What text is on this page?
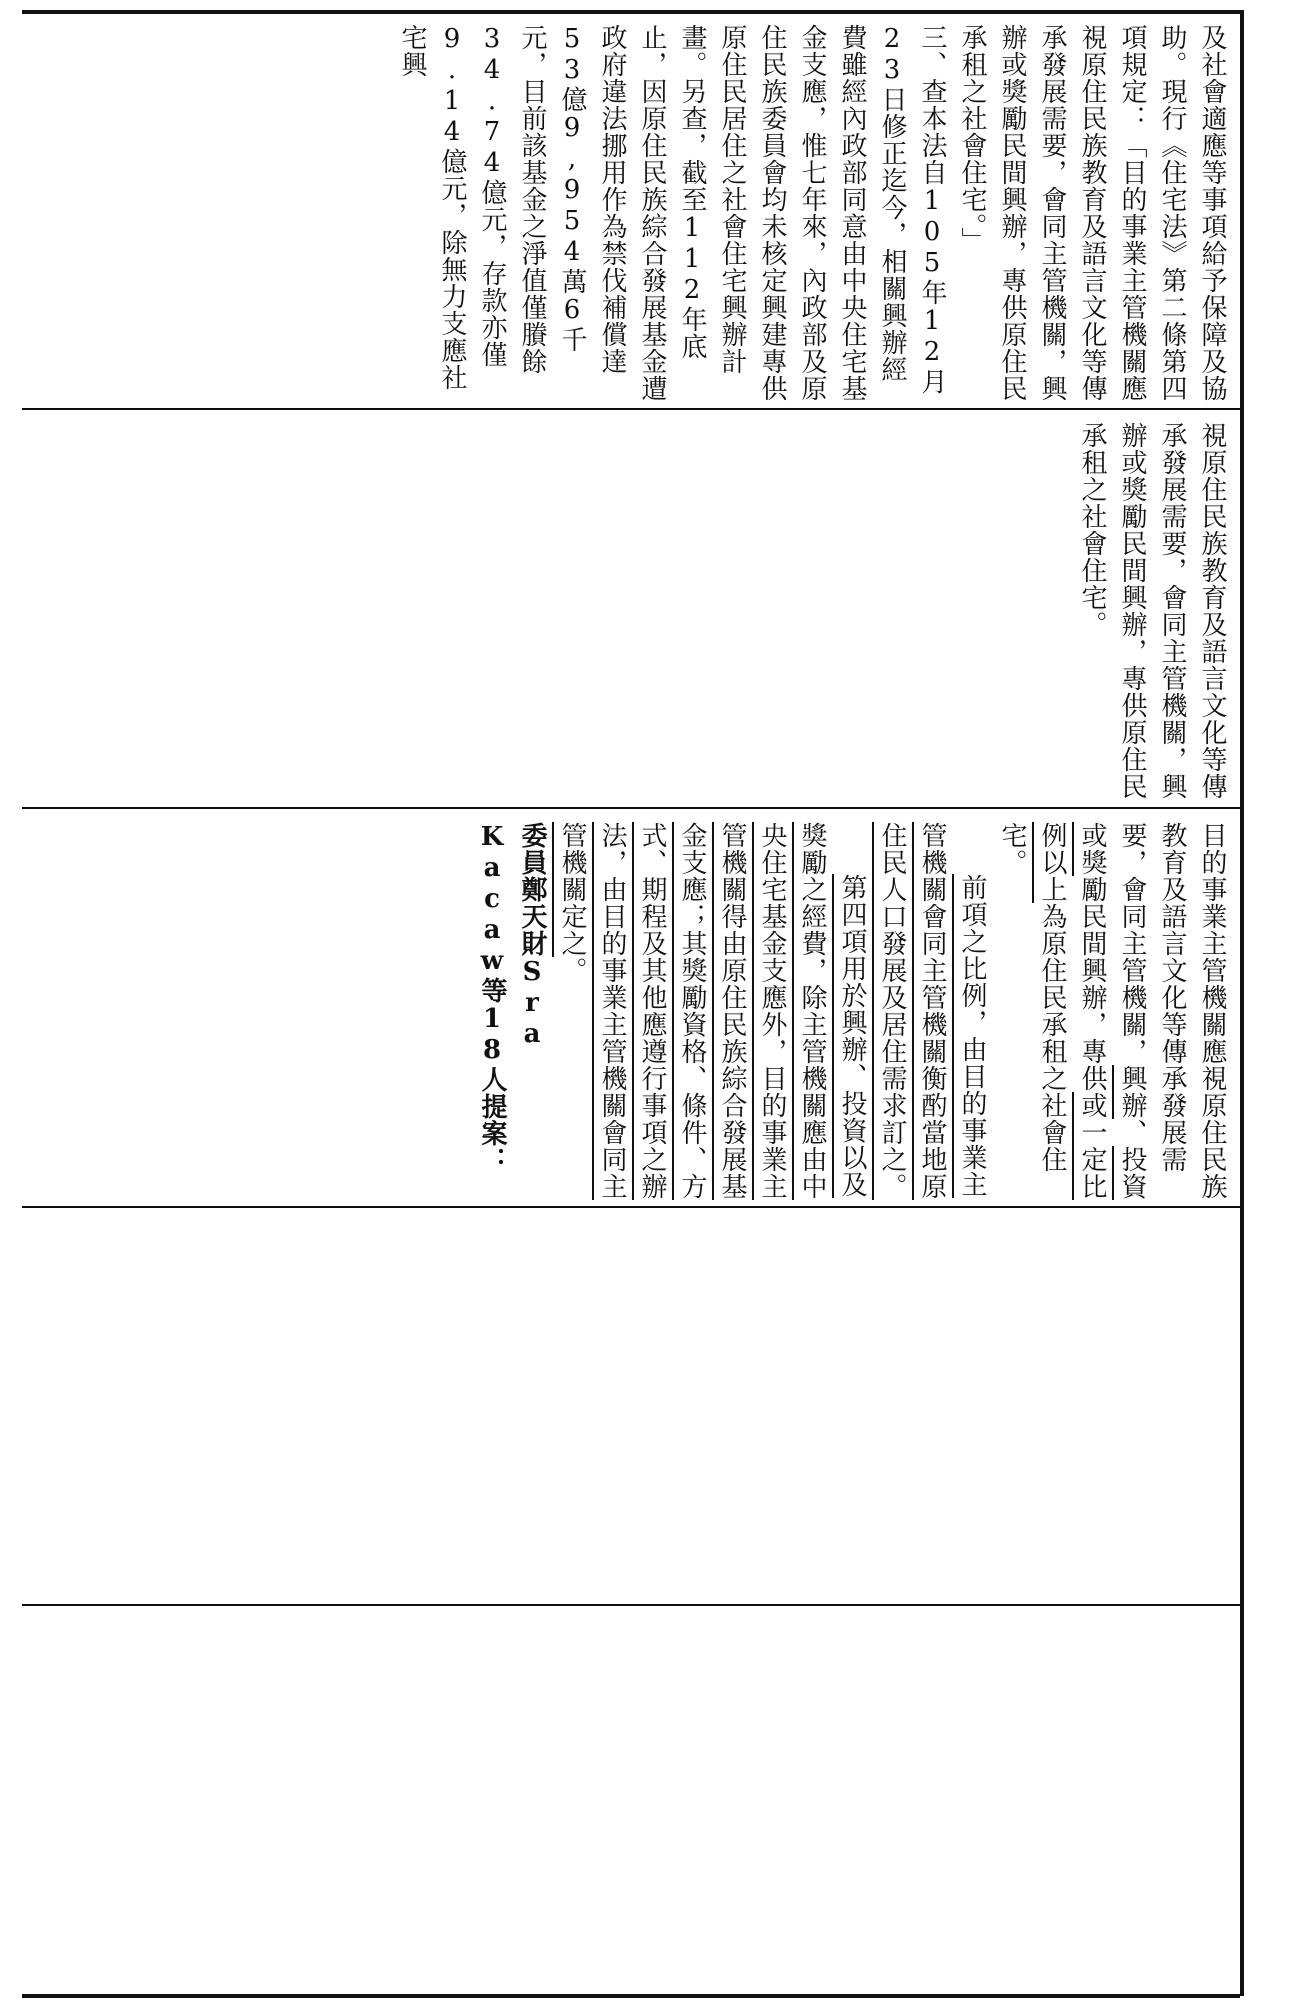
及社會適應等事項給予保障及協助。現行《住宅法》第二條第四項規定：「目的事業主管機關應視原住民族教育及語言文化等傳承發展需要，會同主管機關，興辦或獎勵民間興辦，專供原住民承租之社會住宅。」

三、查本法自105年12月23日修正迄今，相關興辦經費雖經內政部同意由中央住宅基金支應，惟七年來，內政部及原住民族委員會均未核定興建專供原住民居住之社會住宅興辦計畫。另查，截至112年底止，因原住民族綜合發展基金遭政府違法挪用作為禁伐補償達53億9,954萬6千元，目前該基金之淨值僅賸餘34.74億元，存款亦僅9.14億元，除無力支應社宅興

視原住民族教育及語言文化等傳承發展需要，會同主管機關，興辦或獎勵民間興辦，專供原住民承租之社會住宅。

目的事業主管機關應視原住民族教育及語言文化等傳承發展需要，會同主管機關，興辦、投資或獎勵民間興辦，專供或一定比例以上為原住民承租之社會住宅。

前項之比例，由目的事業主管機關會同主管機關衡酌當地原住民人口發展及居住需求訂之。

第四項用於興辦、投資以及獎勵之經費，除主管機關應由中央住宅基金支應外，目的事業主管機關得由原住民族綜合發展基金支應；其獎勵資格、條件、方式、期程及其他應遵行事項之辦法，由目的事業主管機關會同主管機關定之。

委員鄭天財Sra Kacaw等18人提案：
